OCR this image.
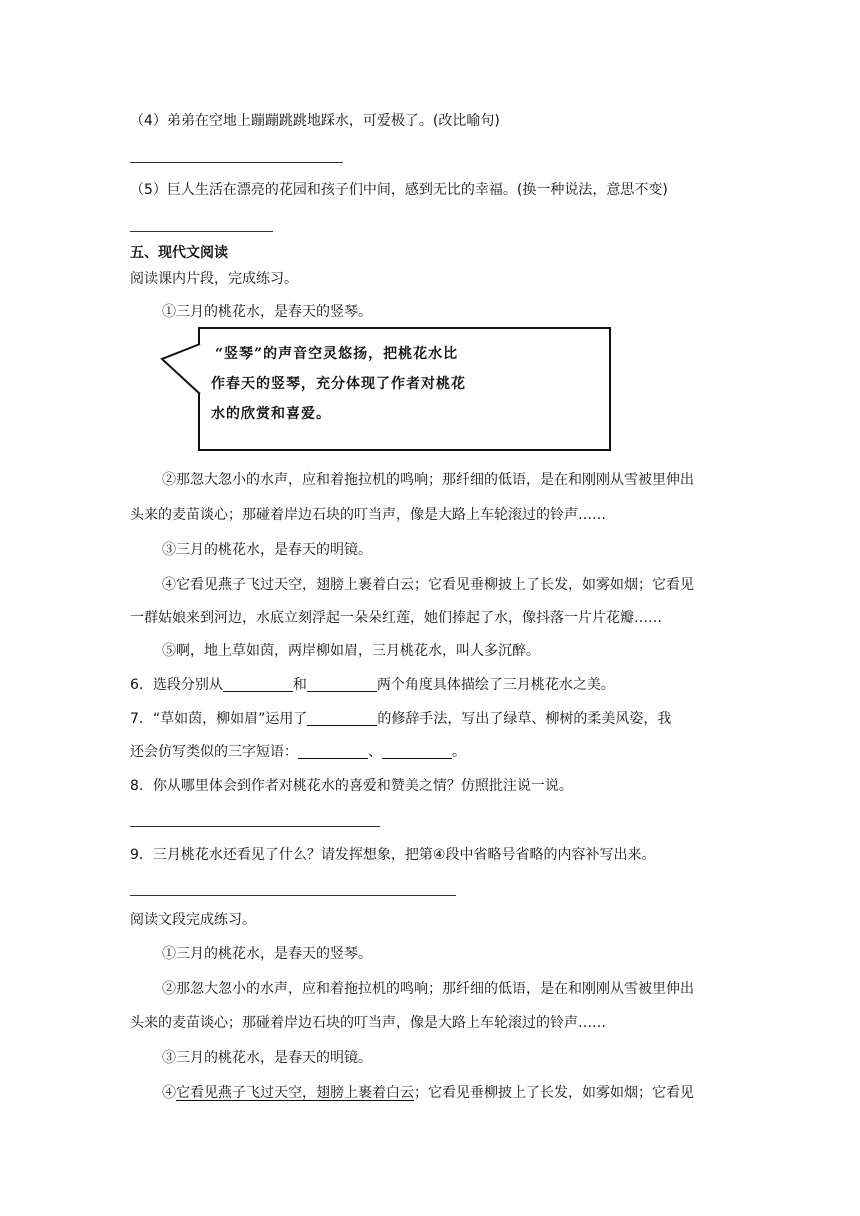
（4）弟弟在空地上蹦蹦跳跳地踩水，可爱极了。(改比喻句)
（5）巨人生活在漂亮的花园和孩子们中间，感到无比的幸福。(换一种说法，意思不变)
五、现代文阅读
阅读课内片段，完成练习。
①三月的桃花水，是春天的竖琴。
“竖琴”的声音空灵悠扬，把桃花水比
作春天的竖琴，充分体现了作者对桃花
水的欣赏和喜爱。
②那忽大忽小的水声，应和着拖拉机的鸣响；那纤细的低语，是在和刚刚从雪被里伸出
头来的麦苗谈心；那碰着岸边石块的叮当声，像是大路上车轮滚过的铃声……
③三月的桃花水，是春天的明镜。
④它看见燕子飞过天空，翅膀上裹着白云；它看见垂柳披上了长发，如雾如烟；它看见
一群姑娘来到河边，水底立刻浮起一朵朵红莲，她们捧起了水，像抖落一片片花瓣……
⑤啊，地上草如茵，两岸柳如眉，三月桃花水，叫人多沉醉。
6．选段分别从	和	两个角度具体描绘了三月桃花水之美。
7．“草如茵，柳如眉”运用了	的修辞手法，写出了绿草、柳树的柔美风姿，我
还会仿写类似的三字短语：	、	。
8．你从哪里体会到作者对桃花水的喜爱和赞美之情？仿照批注说一说。
9．三月桃花水还看见了什么？请发挥想象，把第④段中省略号省略的内容补写出来。
阅读文段完成练习。
①三月的桃花水，是春天的竖琴。
②那忽大忽小的水声，应和着拖拉机的鸣响；那纤细的低语，是在和刚刚从雪被里伸出
头来的麦苗谈心；那碰着岸边石块的叮当声，像是大路上车轮滚过的铃声……
③三月的桃花水，是春天的明镜。
④它看见燕子飞过天空，翅膀上裹着白云；它看见垂柳披上了长发，如雾如烟；它看见
